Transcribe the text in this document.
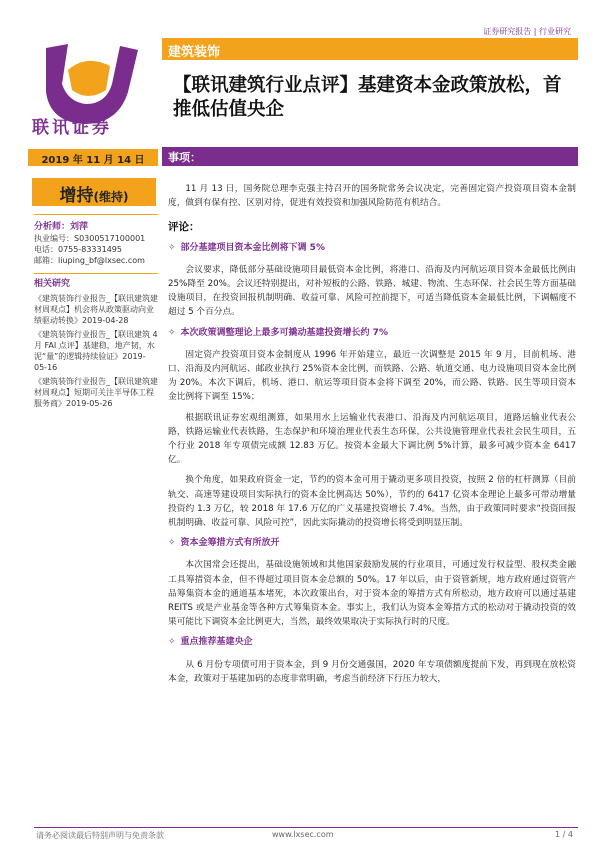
证券研究报告 | 行业研究
联讯证券
建筑装饰
【联讯建筑行业点评】基建资本金政策放松，首推低估值央企
2019 年 11 月 14 日	事项：
增持(维持)
分析师：刘萍
执业编号：S0300517100001
电话：0755-83331495
邮箱：liuping_bf@lxsec.com
相关研究
《建筑装饰行业报告_【联讯建筑建材周观点】机会将从政策驱动向业绩驱动转换》2019-04-28
《建筑装饰行业报告_【联讯建筑 4 月 FAI 点评】基建稳，地产韧，水泥“量”的逻辑持续验证》2019-05-16
《建筑装饰行业报告_【联讯建筑建材周观点】短期可关注半导体工程服务商》2019-05-26

11 月 13 日，国务院总理李克强主持召开的国务院常务会议决定，完善固定资产投资项目资本金制度，做到有保有控、区别对待，促进有效投资和加强风险防范有机结合。

评论：
✧ 部分基建项目资本金比例将下调 5%

会议要求，降低部分基础设施项目最低资本金比例，将港口、沿海及内河航运项目资本金最低比例由 25%降至 20%。会议还特别提出，对补短板的公路、铁路、城建、物流、生态环保、社会民生等方面基础设施项目，在投资回报机制明确、收益可靠、风险可控前提下，可适当降低资本金最低比例，下调幅度不超过 5 个百分点。

✧ 本次政策调整理论上最多可撬动基建投资增长约 7%

固定资产投资项目资本金制度从 1996 年开始建立，最近一次调整是 2015 年 9 月，目前机场、港口、沿海及内河航运、邮政业执行 25%资本金比例，而铁路、公路、轨道交通、电力设施项目资本金比例为 20%。本次下调后，机场、港口、航运等项目资本金将下调至 20%，而公路、铁路、民生等项目资本金比例将下调至 15%；

根据联讯证券宏观组测算，如果用水上运输业代表港口、沿海及内河航运项目，道路运输业代表公路，铁路运输业代表铁路，生态保护和环境治理业代表生态环保，公共设施管理业代表社会民生项目，五个行业 2018 年专项债完成额 12.83 万亿。按资本金最大下调比例 5%计算，最多可减少资本金 6417 亿。

换个角度，如果政府资金一定，节约的资本金可用于撬动更多项目投资，按照 2 倍的杠杆测算（目前轨交、高速等建设项目实际执行的资本金比例高达 50%），节约的 6417 亿资本金理论上最多可带动增量投资约 1.3 万亿，较 2018 年 17.6 万亿的广义基建投资增长 7.4%。当然，由于政策同时要求“投资回报机制明确、收益可靠、风险可控”，因此实际撬动的投资增长将受到明显压制。

✧ 资本金筹措方式有所放开

本次国常会还提出，基础设施领域和其他国家鼓励发展的行业项目，可通过发行权益型、股权类金融工具筹措资本金，但不得超过项目资本金总额的 50%。17 年以后，由于资管新规，地方政府通过资管产品筹集资本金的通道基本堵死，本次政策出台，对于资本金的筹措方式有所松动，地方政府可以通过基建 REITS 或是产业基金等各种方式筹集资本金。事实上，我们认为资本金筹措方式的松动对于撬动投资的效果可能比下调资本金比例更大，当然，最终效果取决于实际执行时的尺度。

✧ 重点推荐基建央企

从 6 月份专项债可用于资本金，到 9 月份交通强国，2020 年专项债额度提前下发，再到现在放松资本金，政策对于基建加码的态度非常明确，考虑当前经济下行压力较大，

请务必阅读最后特别声明与免责条款	www.lxsec.com	1 / 4
